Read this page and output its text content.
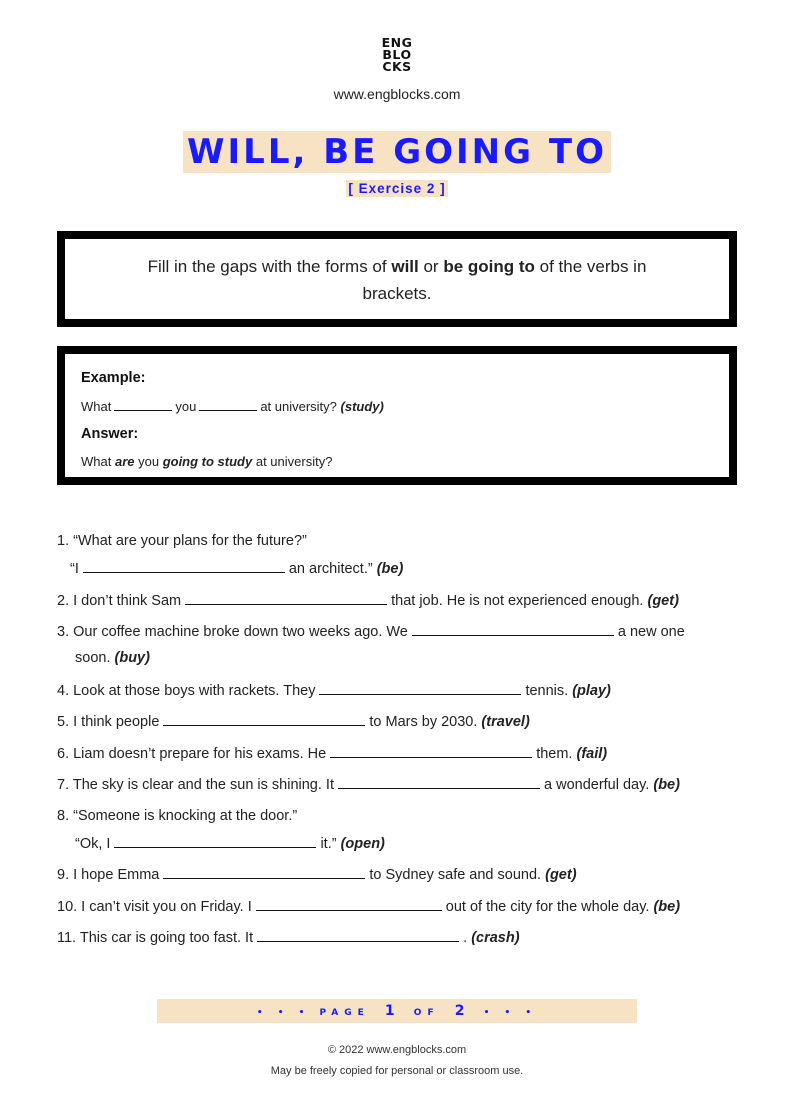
ENG
BLO
CKS
www.engblocks.com
WILL, BE GOING TO
[ Exercise 2 ]
Fill in the gaps with the forms of will or be going to of the verbs in brackets.
Example:
What	you	at university? (study)
Answer:
What are you going to study at university?
1. “What are your plans for the future?”
“I	an architect.” (be)
2. I don’t think Sam	that job. He is not experienced enough. (get)
3. Our coffee machine broke down two weeks ago. We	a new one
soon. (buy)
4. Look at those boys with rackets. They	tennis. (play)
5. I think people	to Mars by 2030. (travel)
6. Liam doesn’t prepare for his exams. He	them. (fail)
7. The sky is clear and the sun is shining. It	a wonderful day. (be)
8. “Someone is knocking at the door.”
“Ok, I	it.” (open)
9. I hope Emma	to Sydney safe and sound. (get)
10. I can’t visit you on Friday. I	out of the city for the whole day. (be)
11. This car is going too fast. It	. (crash)
• • • PAGE 1 OF 2 • • •
© 2022 www.engblocks.com
May be freely copied for personal or classroom use.
